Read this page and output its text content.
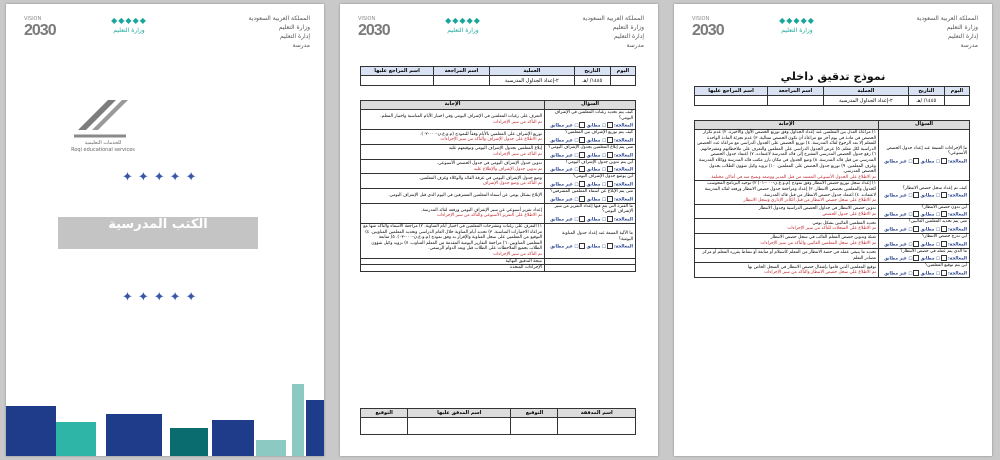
VISION
2030
◆◆◆◆◆
وزارة التعليم
المملكة العربية السعودية
وزارة التعليم
إدارة التعليم
مدرسة
للخدمات التعليمية
Roqi educational services
✦✦✦✦✦
الكتب المدرسية
✦✦✦✦✦
VISION
2030
◆◆◆◆◆
وزارة التعليم
المملكة العربية السعودية
وزارة التعليم
إدارة التعليم
مدرسة
اليوم	التاريخ	العملية	اسم المراجعة	اسم المراجع عليها
	١٤٤٥/ /هـ	٢-إعداد الجداول المدرسية		
السؤال	الإجابة
كيف يتم تحديد رغبات المعلمين في الإشراف اليومي؟
المعالجة:□ مطابق□ غير مطابق	التعرف على رغبات المعلمين في الإشراف اليومي وفي اختيار الأيام المناسبة واختيار المعلم.
تم التأكد من سير الإجراءات

كيف يتم توزيع الإشراف بين المعلمين؟
المعالجة:□ مطابق□ غير مطابق	توزيع الإشراف على المعلمين بالأيام وفقاً للنموذج (م.و.ع.ن-٠٠٠-٠٢).
تم الاطلاع على جدول الإشراف والتأكد من سير الإجراءات

متى يتم إبلاغ المعلمين بجدول الإشراف اليومي؟
المعالجة:□ مطابق□ غير مطابق	إبلاغ المعلمين بجدول الإشراف اليومي وتوقيعهم عليه
تم التأكد من سير الإجراءات

أين يتم تدوين جدول الإشراف اليومي؟
المعالجة:□ مطابق□ غير مطابق	تدوين جدول الإشراف اليومي في جدول الحصص الأسبوعي.
تم تدوين جدول الإشراف والإطلاع عليه

أين يوضع جدول الإشراف اليومي؟
المعالجة:□ مطابق□ غير مطابق	وضع جدول الإشراف اليومي في غرفة القائد والوكلاء وغرف المعلمين.
تم التأكد من وضع جدول الإشراف

متى يتم الإبلاغ عن أسماء المعلمين المشرفين؟
المعالجة:□ مطابق□ غير مطابق	الإبلاغ بشكل يومي عن أسماء المعلمين المشرفين في اليوم الذي قبل الإشراف اليومي.
ما الفترة التي يتم فيها إعداد التقرير من سير الإشراف اليومي؟
المعالجة:□ مطابق□ غير مطابق	إعداد تقرير أسبوعي عن سير الإشراف اليومي ورفعه لقائد المدرسة.
تم الاطلاع على التقرير الأسبوعي والتأكد من سير الإجراءات

ما الآلية المتبعة عند إعداد جدول المناوبة اليومية؟
المعالجة:□ مطابق□ غير مطابق	١) التعرف على رغبات ومقترحات المعلمين في اختيار أيام المناوبة. ٢) مراجعة الأسماء والتأكد منها مع مراعاة الاختيارات المناسبة. ٣) تحديد أيام المناوبة خلال العام الدراسي وتحديد المعلمين المناوبين. ٤) التوقيع من المعلمين على سجل المناوبة والإقرار به وفق نموذج (م.و.ع.ن-٠٠٠-٠٣). ٥) متابعة المعلمين المناوبين. ٦) مراجعة التقارير اليومية المقدمة من المعلم المناوب. ٧) تزويد وكيل شؤون الطلاب بجميع الملاحظات على الطلاب قبل وبعد الدوام الرسمي.
تم التأكد من سير الإجراءات

	نتيجة التدقيق النهائية
	الإجراءات المتخذة
اسم المدققة	التوقيع	اسم المدقق عليها	التوقيع

VISION
2030
◆◆◆◆◆
وزارة التعليم
المملكة العربية السعودية
وزارة التعليم
إدارة التعليم
مدرسة
نموذج تدقيق داخلي
اليوم	التاريخ	العملية	اسم المراجعة	اسم المراجع عليها
	١٤٤٥/ /هـ	٢-إعداد الجداول المدرسية		
السؤال	الإجابة
ما الإجراءات المتبعة عند إعداد جدول الحصص الأسبوعي؟
المعالجة:□ مطابق□ غير مطابق	١) مراعاة العدل بين المعلمين عند إعداد الجداول وفق توزيع الحصص الأول والأخيرة. ٢) عدم تكرار الحصص في مادة في يوم آخر مع مراعاة أن تكون الحصص متتالية. ٣) عدم تجزئة المادة الواحدة للمعلم إلا بعد الرجوع لقائد المدرسة. ٤) توزيع الحصص على الجدول الدراسي مع مراعاة عدد الحصص الدراسية لكل معلم. ٥) عرض الجدول الدراسي على المعلمين والتعرف على ملاحظاتهم ومقترحاتهم. ٦) رفع جدول الحصص المدرسي المقترح إلى قائد المدرسة لاعتماده. ٧) اعتماد جدول الحصص المدرسي من قبل قائد المدرسة. ٨) وضع الجدول في مكان بارز مكتب قائد المدرسة ووكلاء المدرسة وغرف المعلمين. ٩) توزيع جدول الحصص على المعلمين. ١٠) تزويد وكيل شؤون الطلاب بجدول الحصص المدرسي.
تم الاطلاع على الجدول الأسبوعي المعتمد من قبل المدير ووضعه ونسخ منه في أماكن مختلفة

كيف تم إعداد سجل حصص الانتظار؟
المعالجة:□ مطابق□ غير مطابق	١) إعداد سجل توزيع حصص الانتظار وفق نموذج (م.و.ع.ن-٠٠٠-٠١) ٢) توحيد البرنامج المحوسب للجدول والمعلمين بحصص الانتظار. ٣) إعداد ومراجعة جدول حصص الانتظار ورفعه لقائد المدرسة لاعتماده. ٤) اعتماد جدول حصص الانتظار من قبل قائد المدرسة.
تم الاطلاع على سجل حصص الانتظار من قبل الكادر الإداري وسجل الانتظار

أين تدون حصص الانتظار؟
المعالجة:□ مطابق□ غير مطابق	تدوين حصص الانتظار في جداول الحصص الدراسية وجدول الانتظار
تم الاطلاع على جدول الحصص

متى يتم تحديد المعلمين الغائبين؟
المعالجة:□ مطابق□ غير مطابق	تحديد المعلمين الغائبين بشكل يومي
تم الاطلاع على السجلات للتأكد من سير الإجراءات

أين تدرج حصص الانتظار؟
المعالجة:□ مطابق□ غير مطابق	تعبئة وتدوين حصص المعلم الغائب في سجل حصص الانتظار
تم الاطلاع على سجل المعلمين الغائبين والتأكد من سير الإجراءات

ما الذي يتم عمله في حصص الانتظار؟
المعالجة:□ مطابق□ غير مطابق	تحديد ما ينبغي عمله في حصة الانتظار من المعلم كاستلام أو متابعة أو نشاط يقرره المعلم أو مركز مصادر التعلم
أين يتم توقيع المعلمين؟
المعالجة:□ مطابق□ غير مطابق	توقيع المعلمين الذين قاموا بإشغال حصص الانتظار في السجل الخاص بها
تم الاطلاع على سجل حصص الانتظار والتأكد من سير الإجراءات
